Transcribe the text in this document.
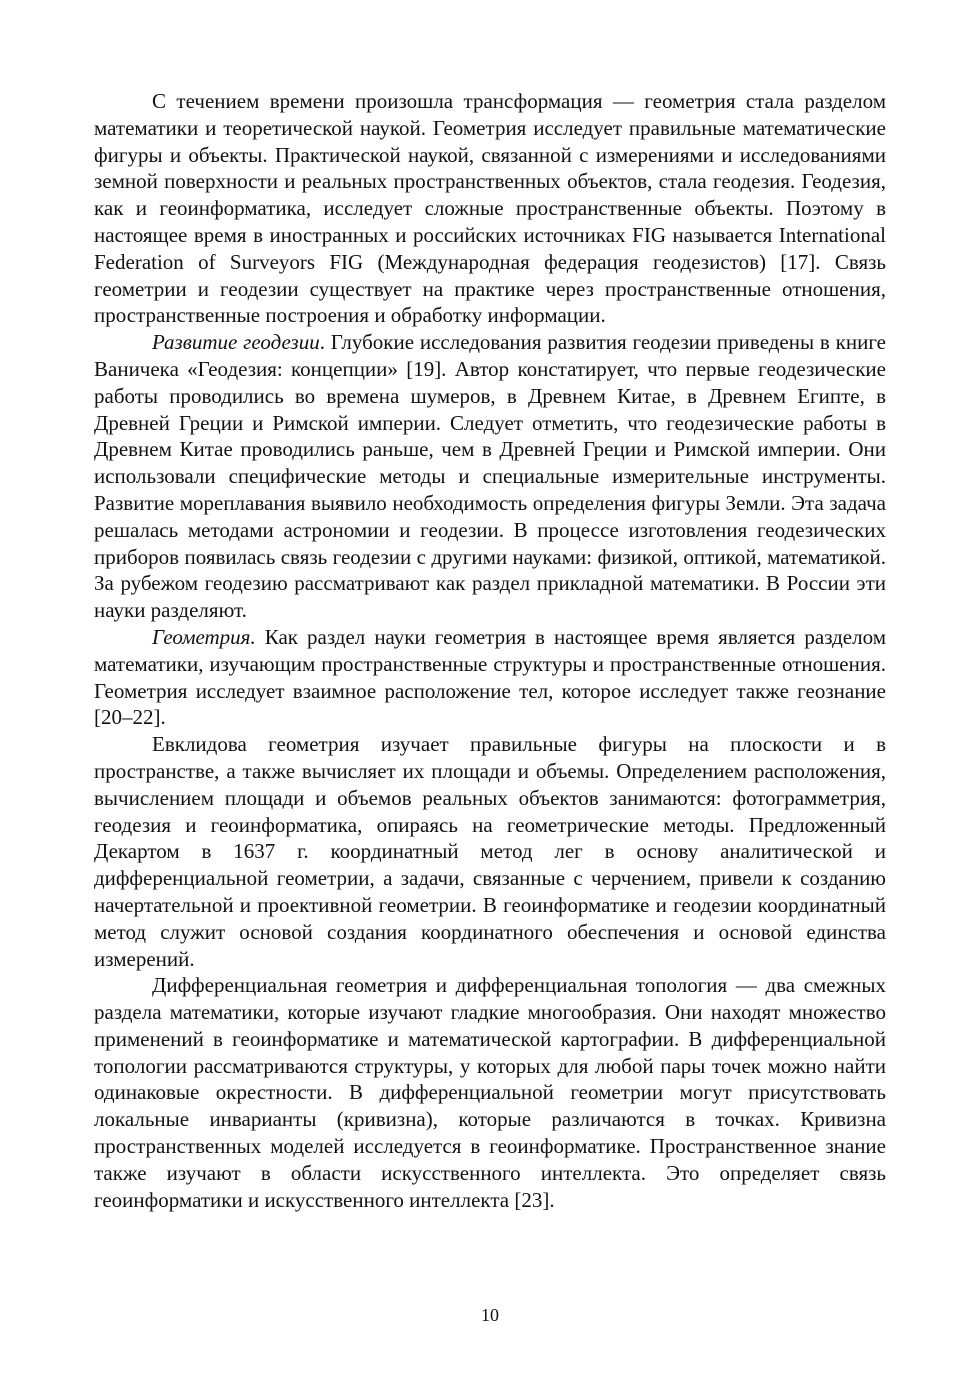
С течением времени произошла трансформация — геометрия стала разделом математики и теоретической наукой. Геометрия исследует правильные математические фигуры и объекты. Практической наукой, связанной с измерениями и исследованиями земной поверхности и реальных пространственных объектов, стала геодезия. Геодезия, как и геоинформатика, исследует сложные пространственные объекты. Поэтому в настоящее время в иностранных и российских источниках FIG называется International Federation of Surveyors FIG (Международная федерация геодезистов) [17]. Связь геометрии и геодезии существует на практике через пространственные отношения, пространственные построения и обработку информации.

Развитие геодезии. Глубокие исследования развития геодезии приведены в книге Ваничека «Геодезия: концепции» [19]. Автор констатирует, что первые геодезические работы проводились во времена шумеров, в Древнем Китае, в Древнем Египте, в Древней Греции и Римской империи. Следует отметить, что геодезические работы в Древнем Китае проводились раньше, чем в Древней Греции и Римской империи. Они использовали специфические методы и специальные измерительные инструменты. Развитие мореплавания выявило необходимость определения фигуры Земли. Эта задача решалась методами астрономии и геодезии. В процессе изготовления геодезических приборов появилась связь геодезии с другими науками: физикой, оптикой, математикой. За рубежом геодезию рассматривают как раздел прикладной математики. В России эти науки разделяют.

Геометрия. Как раздел науки геометрия в настоящее время является разделом математики, изучающим пространственные структуры и пространственные отношения. Геометрия исследует взаимное расположение тел, которое исследует также геознание [20–22].

Евклидова геометрия изучает правильные фигуры на плоскости и в пространстве, а также вычисляет их площади и объемы. Определением расположения, вычислением площади и объемов реальных объектов занимаются: фотограмметрия, геодезия и геоинформатика, опираясь на геометрические методы. Предложенный Декартом в 1637 г. координатный метод лег в основу аналитической и дифференциальной геометрии, а задачи, связанные с черчением, привели к созданию начертательной и проективной геометрии. В геоинформатике и геодезии координатный метод служит основой создания координатного обеспечения и основой единства измерений.

Дифференциальная геометрия и дифференциальная топология — два смежных раздела математики, которые изучают гладкие многообразия. Они находят множество применений в геоинформатике и математической картографии. В дифференциальной топологии рассматриваются структуры, у которых для любой пары точек можно найти одинаковые окрестности. В дифференциальной геометрии могут присутствовать локальные инварианты (кривизна), которые различаются в точках. Кривизна пространственных моделей исследуется в геоинформатике. Пространственное знание также изучают в области искусственного интеллекта. Это определяет связь геоинформатики и искусственного интеллекта [23].

10
